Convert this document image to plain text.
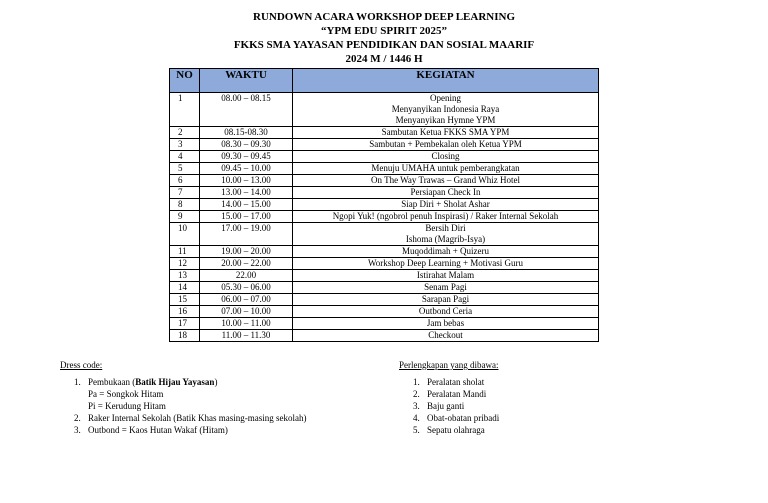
RUNDOWN ACARA WORKSHOP DEEP LEARNING
“YPM EDU SPIRIT 2025”
FKKS SMA YAYASAN PENDIDIKAN DAN SOSIAL MAARIF
2024 M / 1446 H
NO	WAKTU	KEGIATAN
1	08.00 – 08.15	Opening
Menyanyikan Indonesia Raya
Menyanyikan Hymne YPM

2	08.15-08.30	Sambutan Ketua FKKS SMA YPM

3	08.30 – 09.30	Sambutan + Pembekalan oleh Ketua YPM

4	09.30 – 09.45	Closing

5	09.45 – 10.00	Menuju UMAHA untuk pemberangkatan

6	10.00 – 13.00	On The Way Trawas – Grand Whiz Hotel

7	13.00 – 14.00	Persiapan Check In

8	14.00 – 15.00	Siap Diri + Sholat Ashar

9	15.00 – 17.00	Ngopi Yuk! (ngobrol penuh Inspirasi) / Raker Internal Sekolah

10	17.00 – 19.00	Bersih Diri
Ishoma (Magrib-Isya)

11	19.00 – 20.00	Muqoddimah + Quizeru

12	20.00 – 22.00	Workshop Deep Learning + Motivasi Guru

13	22.00	Istirahat Malam

14	05.30 – 06.00	Senam Pagi

15	06.00 – 07.00	Sarapan Pagi

16	07.00 – 10.00	Outbond Ceria

17	10.00 – 11.00	Jam bebas

18	11.00 – 11.30	Checkout
Dress code:
1. Pembukaan (Batik Hijau Yayasan)
Pa = Songkok Hitam
Pi = Kerudung Hitam
2. Raker Internal Sekolah (Batik Khas masing-masing sekolah)
3. Outbond = Kaos Hutan Wakaf (Hitam)
Perlengkapan yang dibawa:
1. Peralatan sholat
2. Peralatan Mandi
3. Baju ganti
4. Obat-obatan pribadi
5. Sepatu olahraga
